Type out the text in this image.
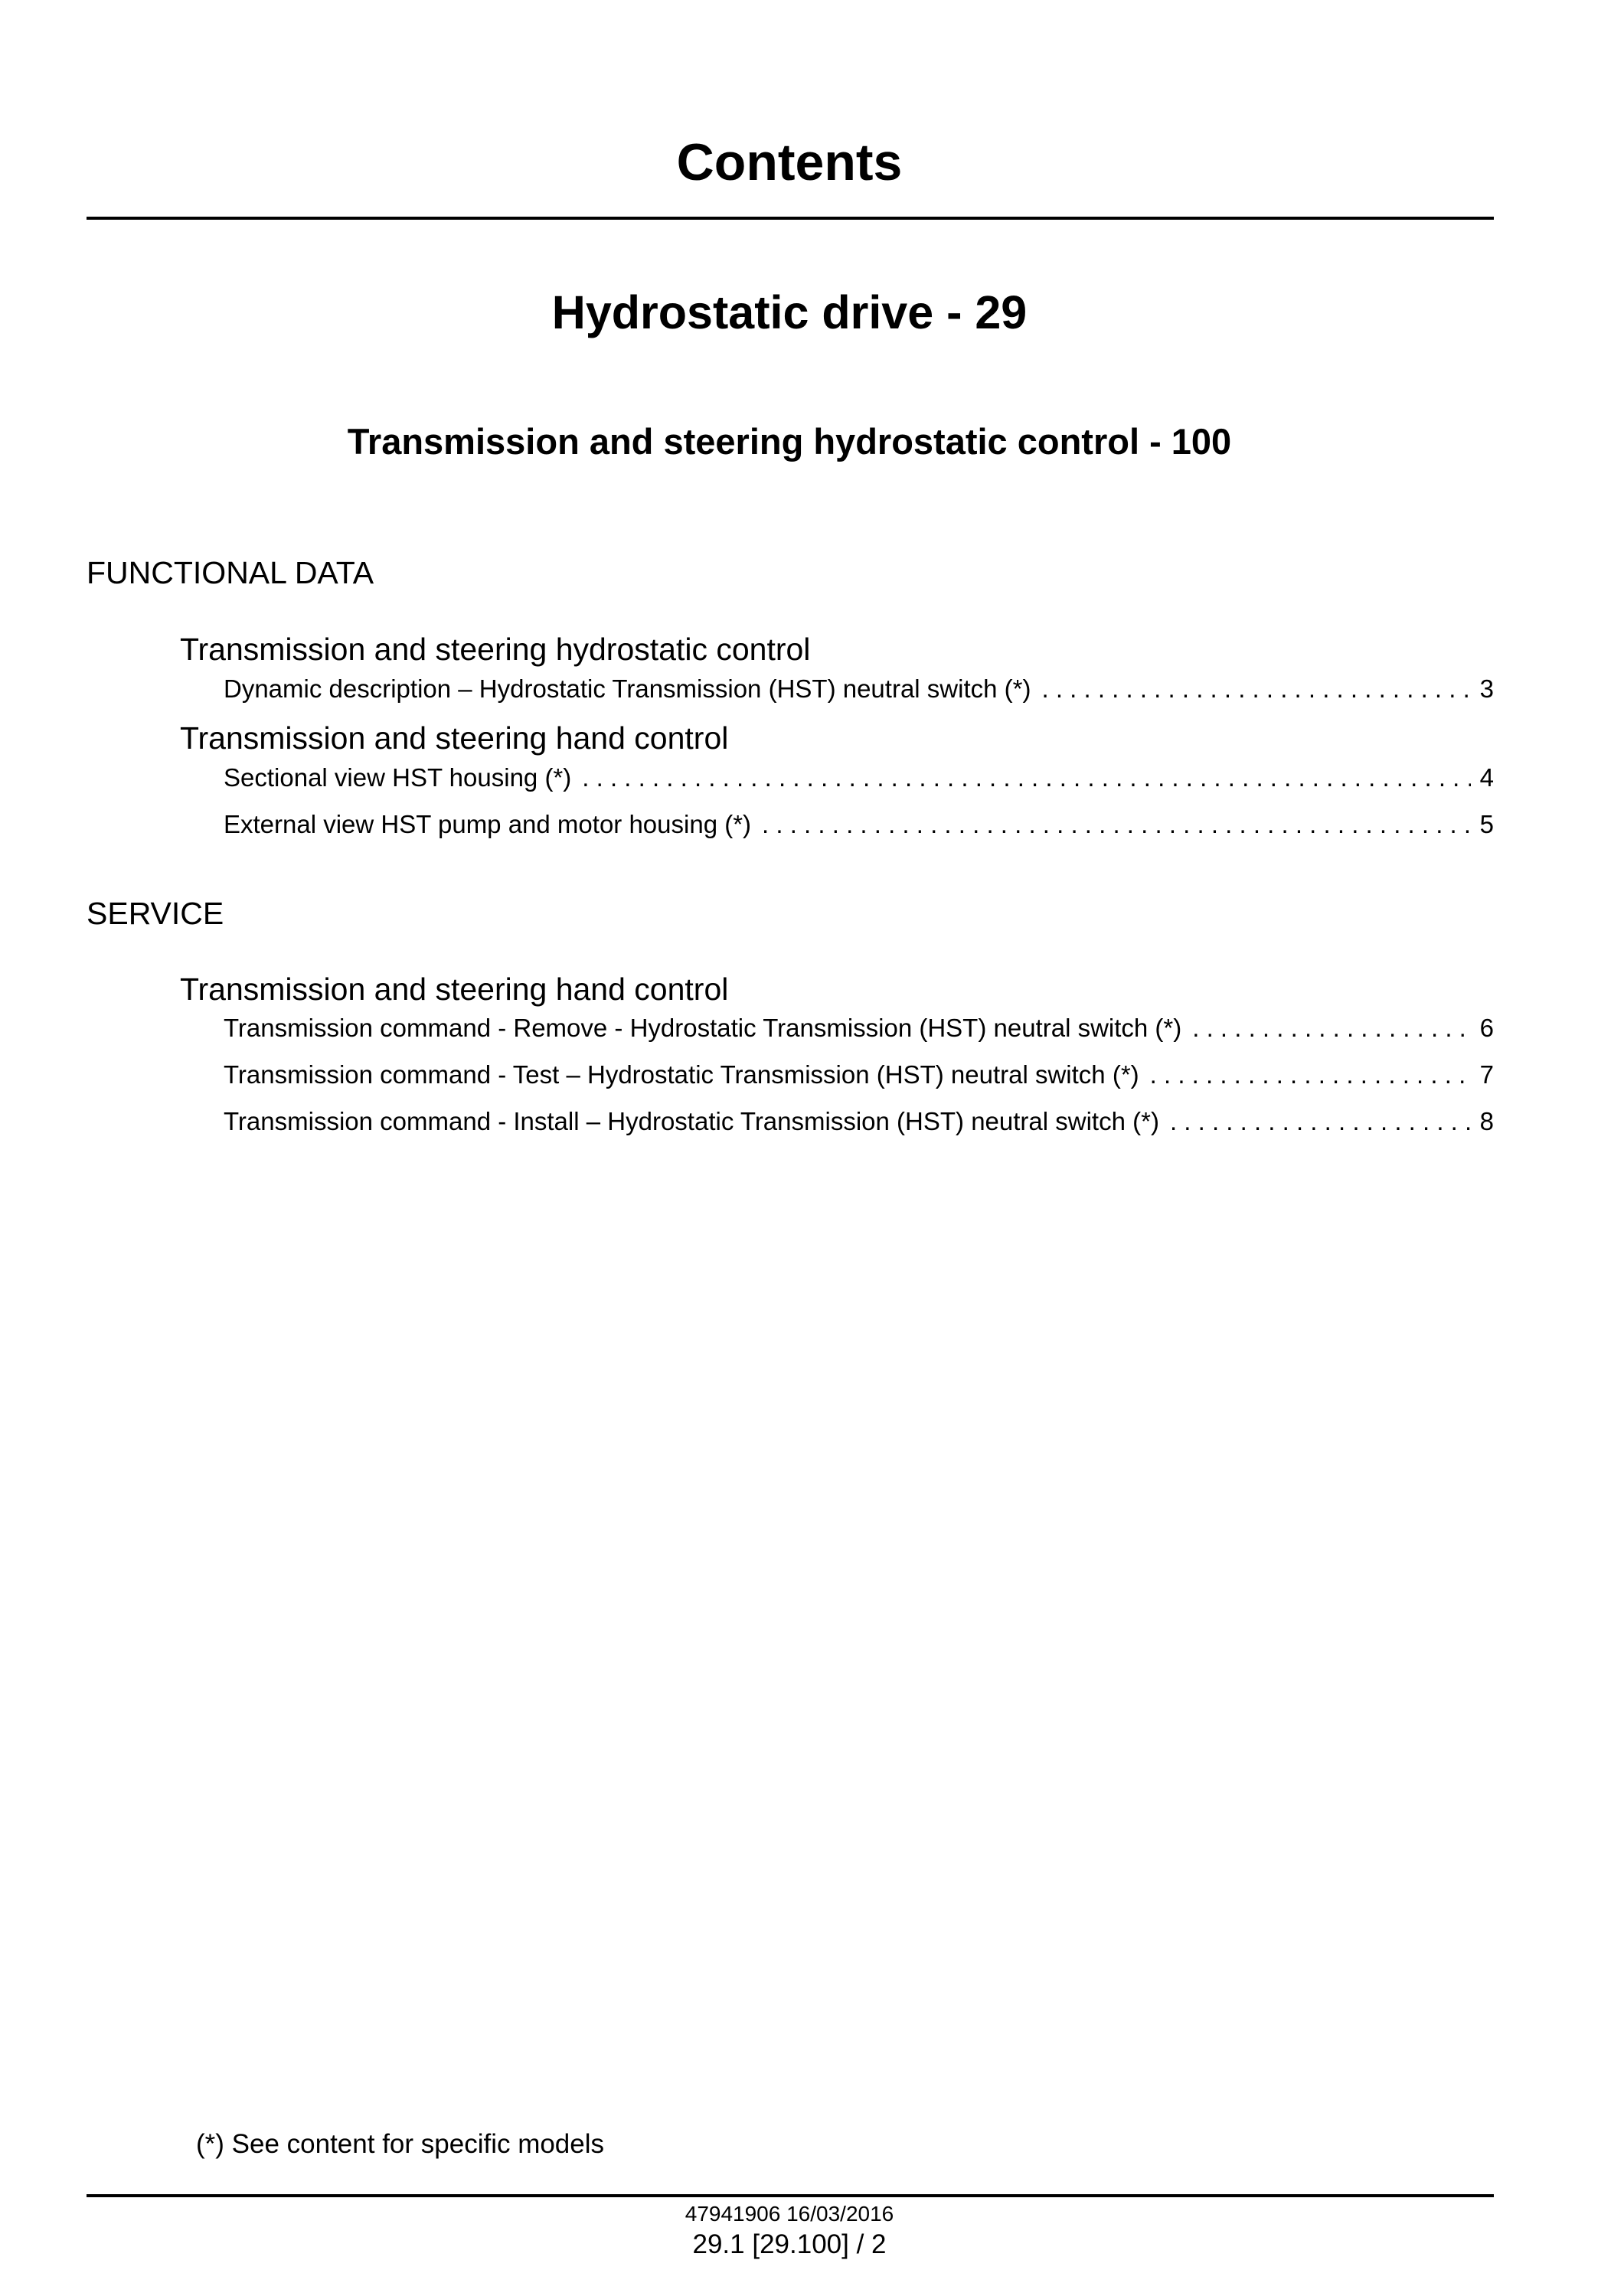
Contents
Hydrostatic drive - 29
Transmission and steering hydrostatic control - 100
FUNCTIONAL DATA
Transmission and steering hydrostatic control
Dynamic description – Hydrostatic Transmission (HST) neutral switch (*) . . .	3
Transmission and steering hand control
Sectional view HST housing (*) . . .	4
External view HST pump and motor housing (*) . . .	5
SERVICE
Transmission and steering hand control
Transmission command - Remove - Hydrostatic Transmission (HST) neutral switch (*) . . .	6
Transmission command - Test – Hydrostatic Transmission (HST) neutral switch (*) . . .	7
Transmission command - Install – Hydrostatic Transmission (HST) neutral switch (*) . . .	8
(*) See content for specific models
47941906 16/03/2016
29.1 [29.100] / 2
